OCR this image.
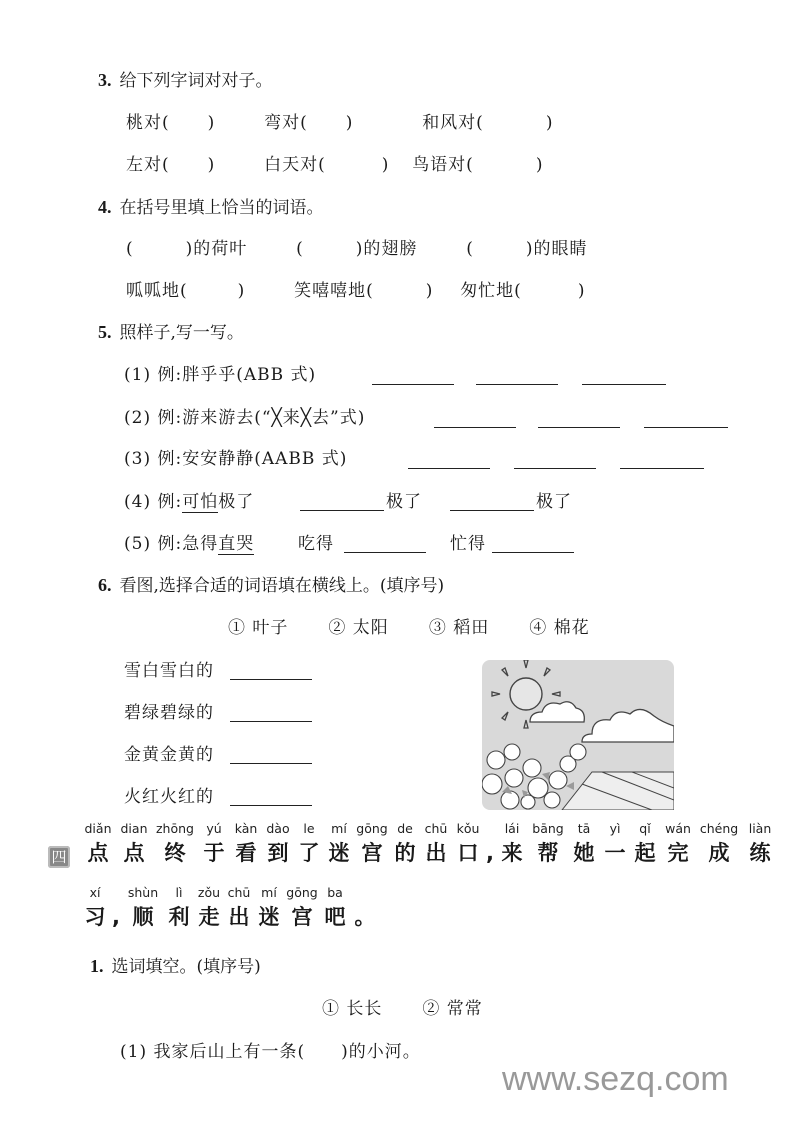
3. 给下列字词对对子。
桃对( )	弯对( )	和风对(	)
左对( )	白天对(	) 鸟语对(	)
4. 在括号里填上恰当的词语。
(	)的荷叶	(	)的翅膀	(	)的眼睛
呱呱地(	)	笑嘻嘻地(	) 匆忙地(	)
5. 照样子,写一写。
(1) 例:胖乎乎(ABB 式)
(2) 例:游来游去(“╳来╳去”式)
(3) 例:安安静静(AABB 式)
(4) 例:可怕极了	极了	极了
(5) 例:急得直哭	吃得	忙得
6. 看图,选择合适的词语填在横线上。(填序号)
① 叶子 ② 太阳 ③ 稻田 ④ 棉花
雪白雪白的
碧绿碧绿的
金黄金黄的
火红火红的
四
diǎn dian zhōng yú kàn dào le mí gōng de chū kǒu lái bāng tā yì qǐ wán chéng liàn
点 点 终 于 看 到 了 迷 宫 的 出 口 , 来 帮 她 一 起 完 成 练
xí shùn lì zǒu chū mí gōng ba
习 , 顺 利 走 出 迷 宫 吧 。
1. 选词填空。(填序号)
① 长长 ② 常常
(1) 我家后山上有一条( )的小河。
www.sezq.com
